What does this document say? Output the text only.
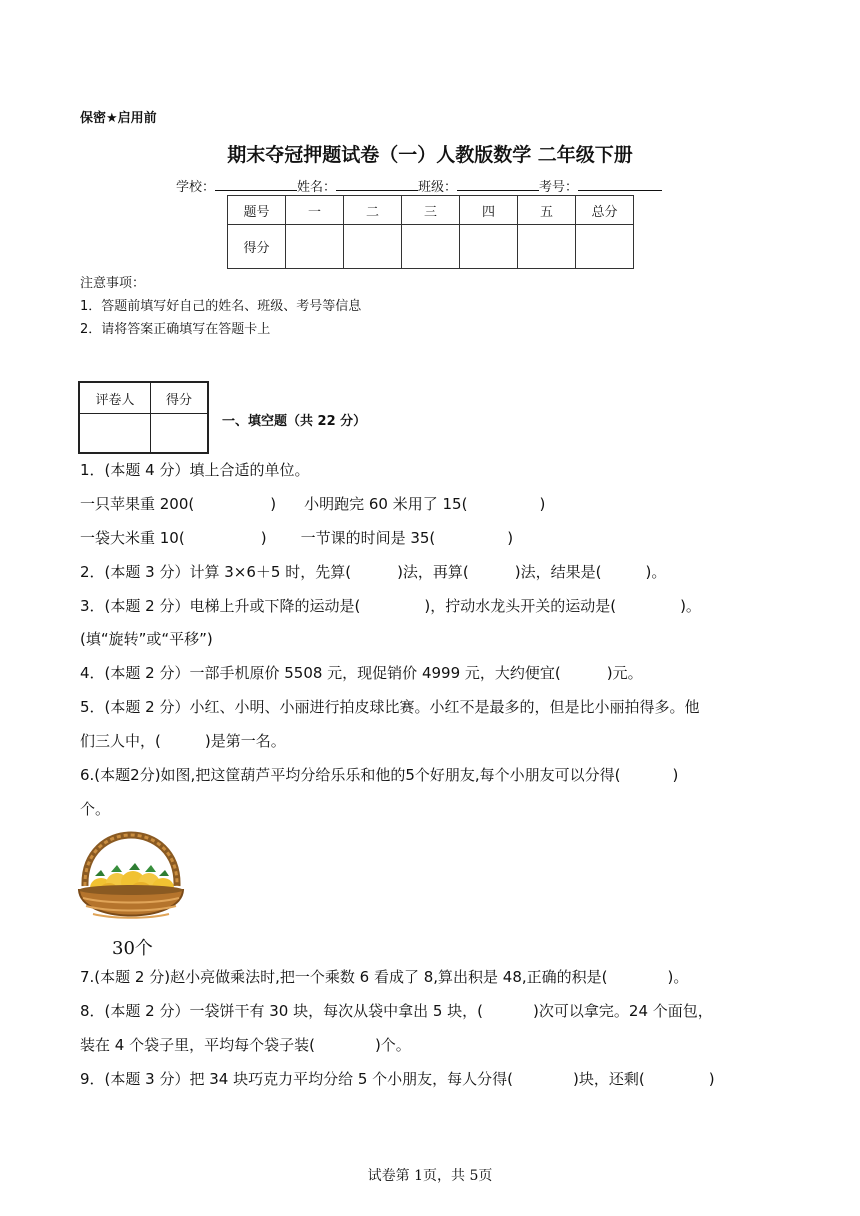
保密★启用前
期末夺冠押题试卷（一）人教版数学 二年级下册
学校：	姓名：	班级：	考号：
题号	一	二	三	四	五	总分
得分						
注意事项：
1．答题前填写好自己的姓名、班级、考号等信息
2．请将答案正确填写在答题卡上
评卷人	得分

一、填空题（共 22 分）
1．(本题 4 分）填上合适的单位。
一只苹果重 200(	) 小明跑完 60 米用了 15(	)
一袋大米重 10(	) 一节课的时间是 35(	)
2．(本题 3 分）计算 3×6＋5 时，先算(	)法，再算(	)法，结果是(	)。
3．(本题 2 分）电梯上升或下降的运动是(	)，拧动水龙头开关的运动是(	)。
(填“旋转”或“平移”)
4．(本题 2 分）一部手机原价 5508 元，现促销价 4999 元，大约便宜(	)元。
5．(本题 2 分）小红、小明、小丽进行拍皮球比赛。小红不是最多的，但是比小丽拍得多。他
们三人中，(	)是第一名。
6.(本题2分)如图,把这筐葫芦平均分给乐乐和他的5个好朋友,每个小朋友可以分得(	)
个。
30个
7.(本题 2 分)赵小亮做乘法时,把一个乘数 6 看成了 8,算出积是 48,正确的积是(	)。
8．(本题 2 分）一袋饼干有 30 块，每次从袋中拿出 5 块，(	)次可以拿完。24 个面包，
装在 4 个袋子里，平均每个袋子装(	)个。
9．(本题 3 分）把 34 块巧克力平均分给 5 个小朋友，每人分得(	)块，还剩(	)
试卷第 1页，共 5页
